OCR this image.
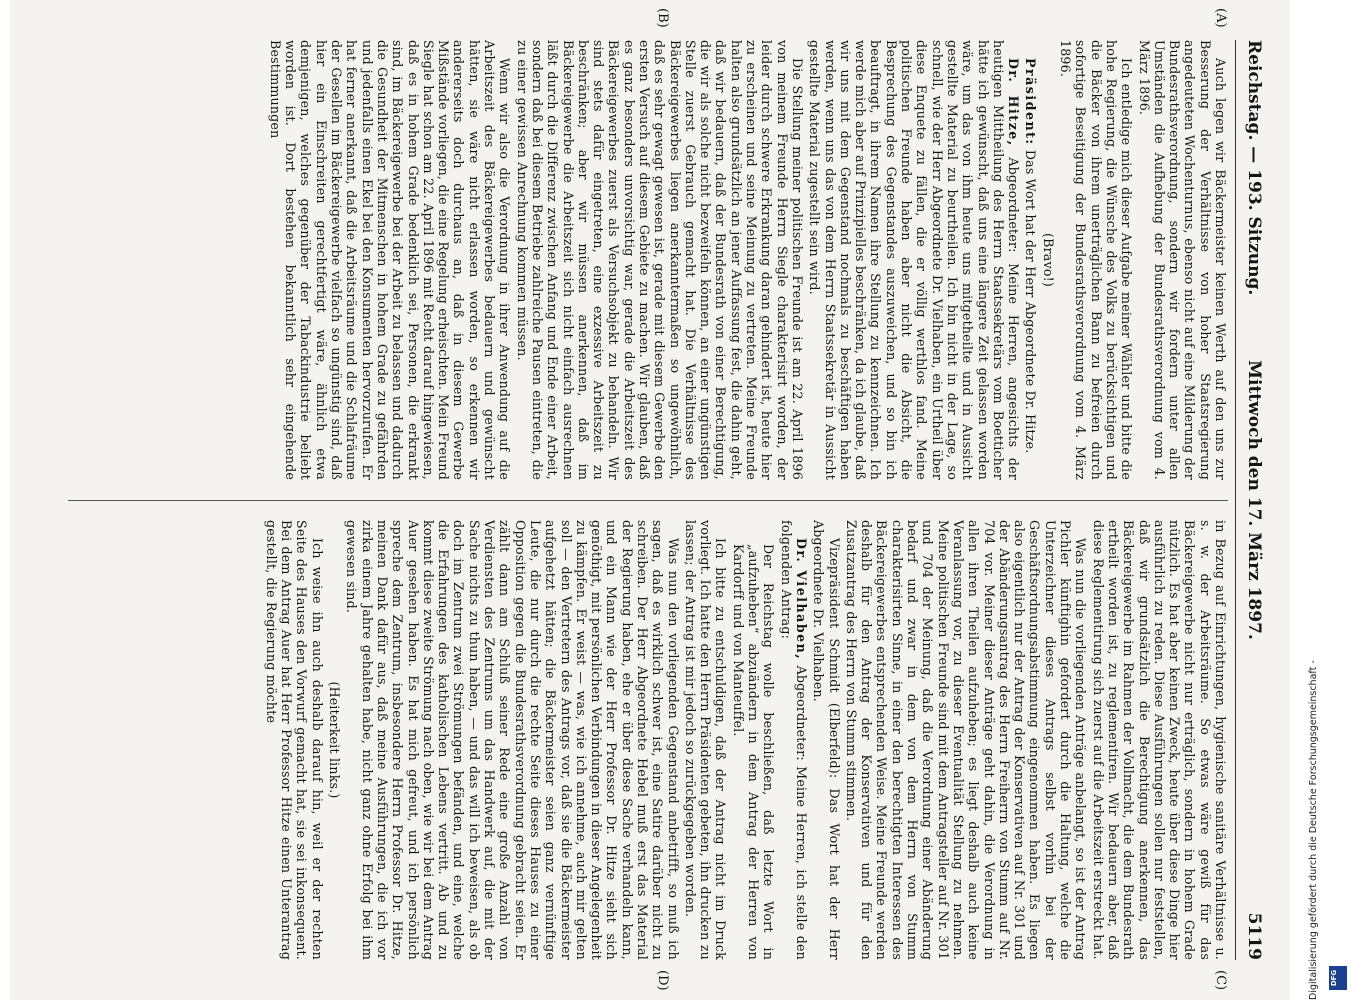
Reichstag. — 193. Sitzung.
Mittwoch den 17. März 1897.
5119
(A)
(B)
(C)
(D)

Auch legen wir Bäckermeister keinen Werth auf den uns zur Besserung der Verhältnisse von hoher Staatsregierung angedeuteten Wochenturnus, ebenso nicht auf eine Milderung der Bundesrathsverordnung, sondern wir fordern unter allen Umständen die Aufhebung der Bundesrathsverordnung vom 4. März 1896.

Ich entledige mich dieser Aufgabe meiner Wähler und bitte die hohe Regierung, die Wünsche des Volks zu berücksichtigen und die Bäcker von ihrem unerträglichen Bann zu befreien durch sofortige Beseitigung der Bundesrathsverordnung vom 4. März 1896.

(Bravo!)

Präsident: Das Wort hat der Herr Abgeordnete Dr. Hitze.

Dr. Hitze, Abgeordneter: Meine Herren, angesichts der heutigen Mittheilung des Herrn Staatssekretärs vom Boetticher hätte ich gewünscht, daß uns eine längere Zeit gelassen worden wäre, um das von ihm heute uns mitgetheilte und in Aussicht gestellte Material zu beurtheilen. Ich bin nicht in der Lage, so schnell, wie der Herr Abgeordnete Dr. Vielhaben, ein Urtheil über diese Enquete zu fällen, die er völlig werthlos fand. Meine politischen Freunde haben aber nicht die Absicht, die Besprechung des Gegenstandes auszuweichen, und so bin ich beauftragt, in ihrem Namen ihre Stellung zu kennzeichnen. Ich werde mich aber auf Prinzipielles beschränken, da ich glaube, daß wir uns mit dem Gegenstand nochmals zu beschäftigen haben werden, wenn uns das von dem Herrn Staatssekretär in Aussicht gestellte Material zugestellt sein wird.

Die Stellung meiner politischen Freunde ist am 22. April 1896 von meinem Freunde Herrn Siegle charakterisirt worden, der leider durch schwere Erkrankung daran gehindert ist, heute hier zu erscheinen und seine Meinung zu vertreten. Meine Freunde halten also grundsätzlich an jener Auffassung fest, die dahin geht, daß wir bedauern, daß der Bundesrath von einer Berechtigung, die wir als solche nicht bezweifeln können, an einer ungünstigen Stelle zuerst Gebrauch gemacht hat. Die Verhältnisse des Bäckereigewerbes liegen anerkanntermaßen so ungewöhnlich, daß es sehr gewagt gewesen ist, gerade mit diesem Gewerbe den ersten Versuch auf diesem Gebiete zu machen. Wir glauben, daß es ganz besonders unvorsichtig war, gerade die Arbeitszeit des Bäckereigewerbes zuerst als Versuchsobjekt zu behandeln. Wir sind stets dafür eingetreten, eine exzessive Arbeitszeit zu beschränken; aber wir müssen anerkennen, daß im Bäckereigewerbe die Arbeitszeit sich nicht einfach ausrechnen läßt durch die Differenz zwischen Anfang und Ende einer Arbeit, sondern daß bei diesem Betriebe zahlreiche Pausen eintreten, die zu einer gewissen Anrechnung kommen müssen.

Wenn wir also die Verordnung in ihrer Anwendung auf die Arbeitszeit des Bäckereigewerbes bedauern und gewünscht hätten, sie wäre nicht erlassen worden, so erkennen wir andererseits doch durchaus an, daß in diesem Gewerbe Mißstände vorliegen, die eine Regelung erheischten. Mein Freund Siegle hat schon am 22. April 1896 mit Recht darauf hingewiesen, daß es in hohem Grade bedenklich sei, Personen, die erkrankt sind, im Bäckereigewerbe bei der Arbeit zu belassen und dadurch die Gesundheit der Mitmenschen in hohem Grade zu gefährden und jedenfalls einen Ekel bei den Konsumenten hervorzurufen. Er hat ferner anerkannt, daß die Arbeitsräume und die Schlafräume der Gesellen im Bäckereigewerbe vielfach so ungünstig sind, daß hier ein Einschreiten gerechtfertigt wäre, ähnlich etwa demjenigen, welches gegenüber der Tabackindustrie beliebt worden ist. Dort bestehen bekanntlich sehr eingehende Bestimmungen

in Bezug auf Einrichtungen, hygienische sanitäre Verhältnisse u. s. w. der Arbeitsräume. So etwas wäre gewiß für das Bäckereigewerbe nicht nur erträglich, sondern in hohem Grade nützlich. Es hat aber keinen Zweck, heute über diese Dinge hier ausführlich zu reden. Diese Ausführungen sollen nur feststellen, daß wir grundsätzlich die Berechtigung anerkennen, das Bäckereigewerbe im Rahmen der Vollmacht, die dem Bundesrath ertheilt worden ist, zu reglementiren. Wir bedauern aber, daß diese Reglementirung sich zuerst auf die Arbeitszeit erstreckt hat.

Was nun die vorliegenden Anträge anbelangt, so ist der Antrag Pichler künftighin gefordert durch die Haltung, welche die Unterzeichner dieses Antrags selbst vorhin bei der Geschäftsordnungsabstimmung eingenommen haben. Es liegen also eigentlich nur der Antrag der Konservativen auf Nr. 301 und der Abänderungsantrag des Herrn Freiherrn von Stumm auf Nr. 704 vor. Meiner dieser Anträge geht dahin, die Verordnung in allen ihren Theilen aufzuheben; es liegt deshalb auch keine Veranlassung vor, zu dieser Eventualität Stellung zu nehmen. Meine politischen Freunde sind mit dem Antragsteller auf Nr. 301 und 704 der Meinung, daß die Verordnung einer Abänderung bedarf und zwar in dem von dem Herrn von Stumm charakterisirten Sinne, in einer den berechtigten Interessen des Bäckereigewerbes entsprechenden Weise. Meine Freunde werden deshalb für den Antrag der Konservativen und für den Zusatzantrag des Herrn von Stumm stimmen.

Vizepräsident Schmidt (Elberfeld): Das Wort hat der Herr Abgeordnete Dr. Vielhaben.

Dr. Vielhaben, Abgeordneter: Meine Herren, ich stelle den folgenden Antrag:

Der Reichstag wolle beschließen, daß letzte Wort in „aufzuheben“ abzuändern in dem Antrag der Herren von Kardorff und von Manteuffel.

Ich bitte zu entschuldigen, daß der Antrag nicht im Druck vorliegt. Ich hatte den Herrn Präsidenten gebeten, ihn drucken zu lassen; der Antrag ist mir jedoch so zurückgegeben worden.

Was nun den vorliegenden Gegenstand anbetrifft, so muß ich sagen, daß es wirklich schwer ist, eine Satire darüber nicht zu schreiben. Der Herr Abgeordnete Hebel muß erst das Material der Regierung haben, ehe er über diese Sache verhandeln kann, und ein Mann wie der Herr Professor Dr. Hitze sieht sich genöthigt, mit persönlichen Verbindungen in dieser Angelegenheit zu kämpfen. Er weist — was, wie ich annehme, auch mir gelten soll — den Vertretern des Antrags vor, daß sie die Bäckermeister aufgehetzt hätten; die Bäckermeister seien ganz vernünftige Leute, die nur durch die rechte Seite dieses Hauses zu einer Opposition gegen die Bundesrathsverordnung gebracht seien. Er zählt dann am Schluß seiner Rede eine große Anzahl von Verdiensten des Zentrums um das Handwerk auf, die mit der Sache nichts zu thun haben, — und das will ich beweisen, als ob doch im Zentrum zwei Strömungen befänden, und eine, welche die Erfahrungen des katholischen Lebens vertritt. Ab und zu kommt diese zweite Strömung nach oben, wie wir bei dem Antrag Auer gesehen haben. Es hat mich gefreut, und ich persönlich spreche dem Zentrum, insbesondere Herrn Professor Dr. Hitze, meinen Dank dafür aus, daß meine Ausführungen, die ich vor zirka einem Jahre gehalten habe, nicht ganz ohne Erfolg bei ihm gewesen sind.

(Heiterkeit links.)

Ich weise ihn auch deshalb darauf hin, weil er der rechten Seite des Hauses den Vorwurf gemacht hat, sie sei inkonsequent. Bei dem Antrag Auer hat Herr Professor Hitze einen Unterantrag gestellt, die Regierung möchte

Digitalisierung gefördert durch die Deutsche Forschungsgemeinschaft -	DFG
